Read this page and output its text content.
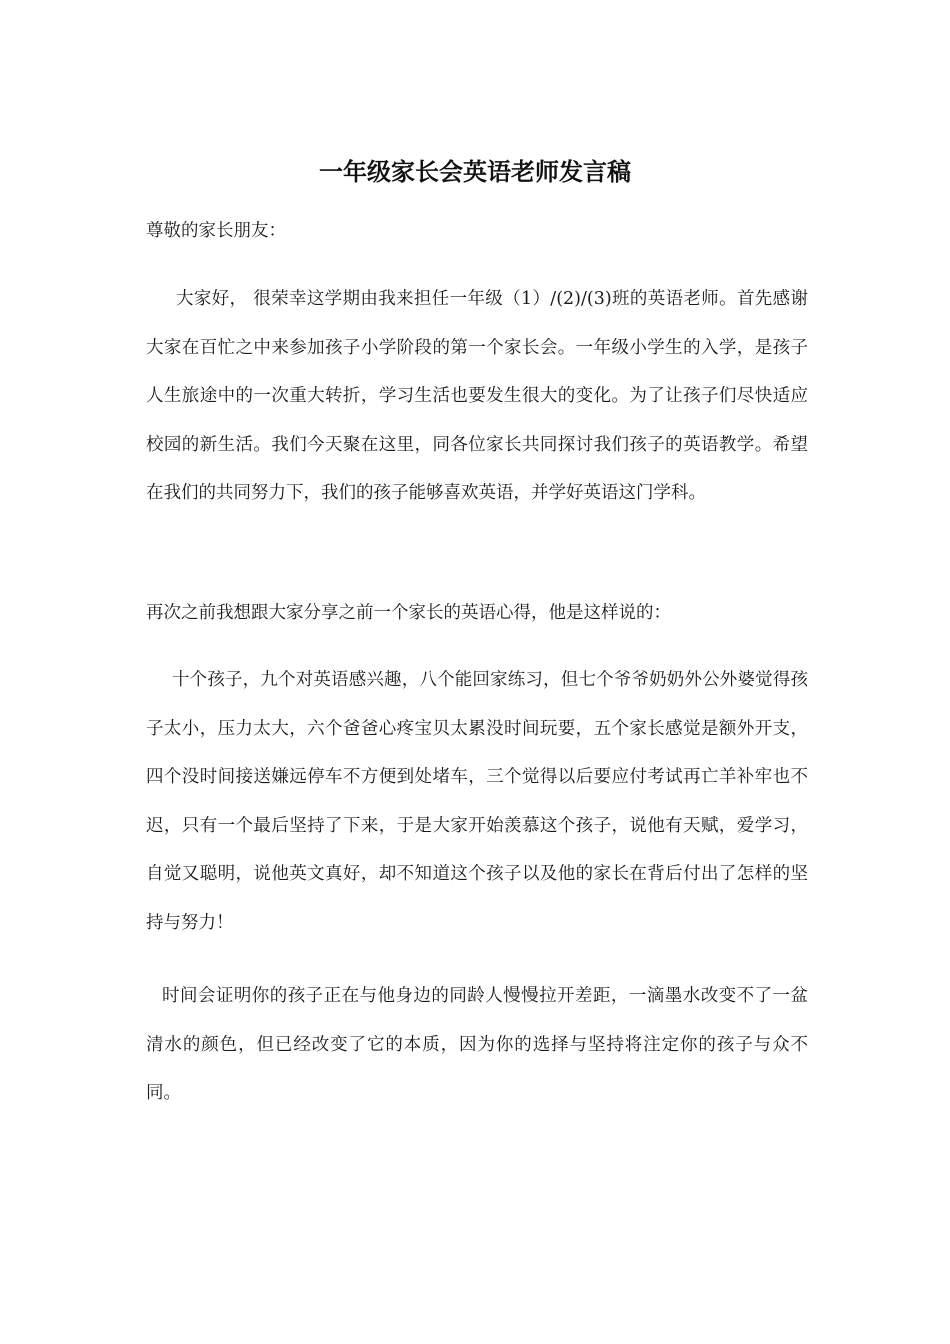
一年级家长会英语老师发言稿

尊敬的家长朋友：

大家好， 很荣幸这学期由我来担任一年级（1）/(2)/(3)班的英语老师。首先感谢大家在百忙之中来参加孩子小学阶段的第一个家长会。一年级小学生的入学，是孩子人生旅途中的一次重大转折，学习生活也要发生很大的变化。为了让孩子们尽快适应校园的新生活。我们今天聚在这里，同各位家长共同探讨我们孩子的英语教学。希望在我们的共同努力下，我们的孩子能够喜欢英语，并学好英语这门学科。

再次之前我想跟大家分享之前一个家长的英语心得，他是这样说的：

十个孩子，九个对英语感兴趣，八个能回家练习，但七个爷爷奶奶外公外婆觉得孩子太小，压力太大，六个爸爸心疼宝贝太累没时间玩要，五个家长感觉是额外开支，四个没时间接送嫌远停车不方便到处堵车，三个觉得以后要应付考试再亡羊补牢也不迟，只有一个最后坚持了下来，于是大家开始羡慕这个孩子，说他有天赋，爱学习，自觉又聪明，说他英文真好，却不知道这个孩子以及他的家长在背后付出了怎样的坚持与努力！

时间会证明你的孩子正在与他身边的同龄人慢慢拉开差距，一滴墨水改变不了一盆清水的颜色，但已经改变了它的本质，因为你的选择与坚持将注定你的孩子与众不同。
